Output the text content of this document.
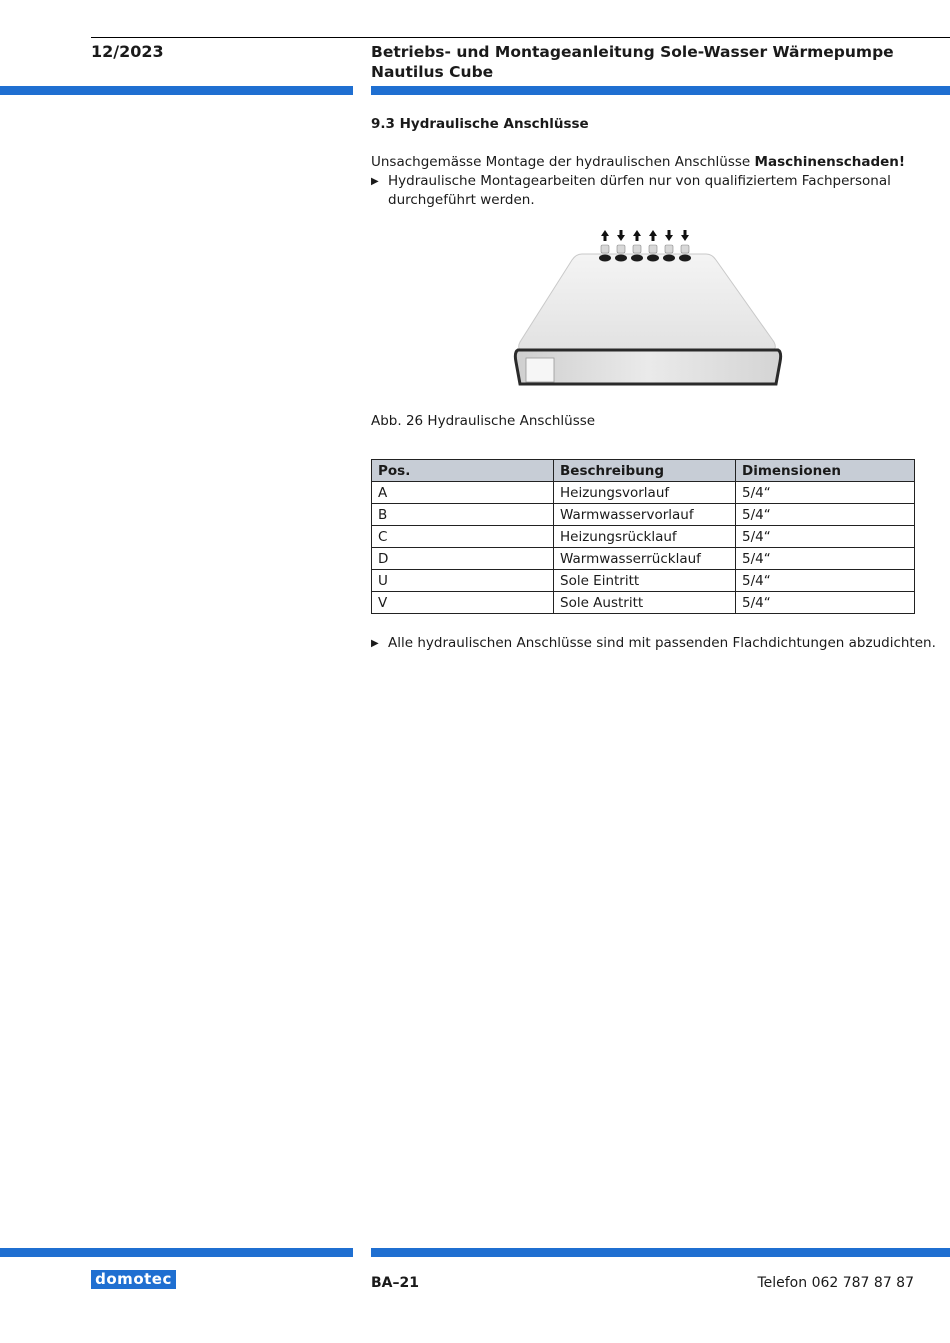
12/2023	Betriebs- und Montageanleitung Sole-Wasser Wärmepumpe
Nautilus Cube
9.3 Hydraulische Anschlüsse
Unsachgemässe Montage der hydraulischen Anschlüsse Maschinenschaden!
▶ Hydraulische Montagearbeiten dürfen nur von qualifiziertem Fachpersonal
durchgeführt werden.
Abb. 26 Hydraulische Anschlüsse
Pos.	Beschreibung	Dimensionen
A	Heizungsvorlauf	5/4“
B	Warmwasservorlauf	5/4“
C	Heizungsrücklauf	5/4“
D	Warmwasserrücklauf	5/4“
U	Sole Eintritt	5/4“
V	Sole Austritt	5/4“
▶ Alle hydraulischen Anschlüsse sind mit passenden Flachdichtungen abzudichten.
domotec	BA–21	Telefon 062 787 87 87
